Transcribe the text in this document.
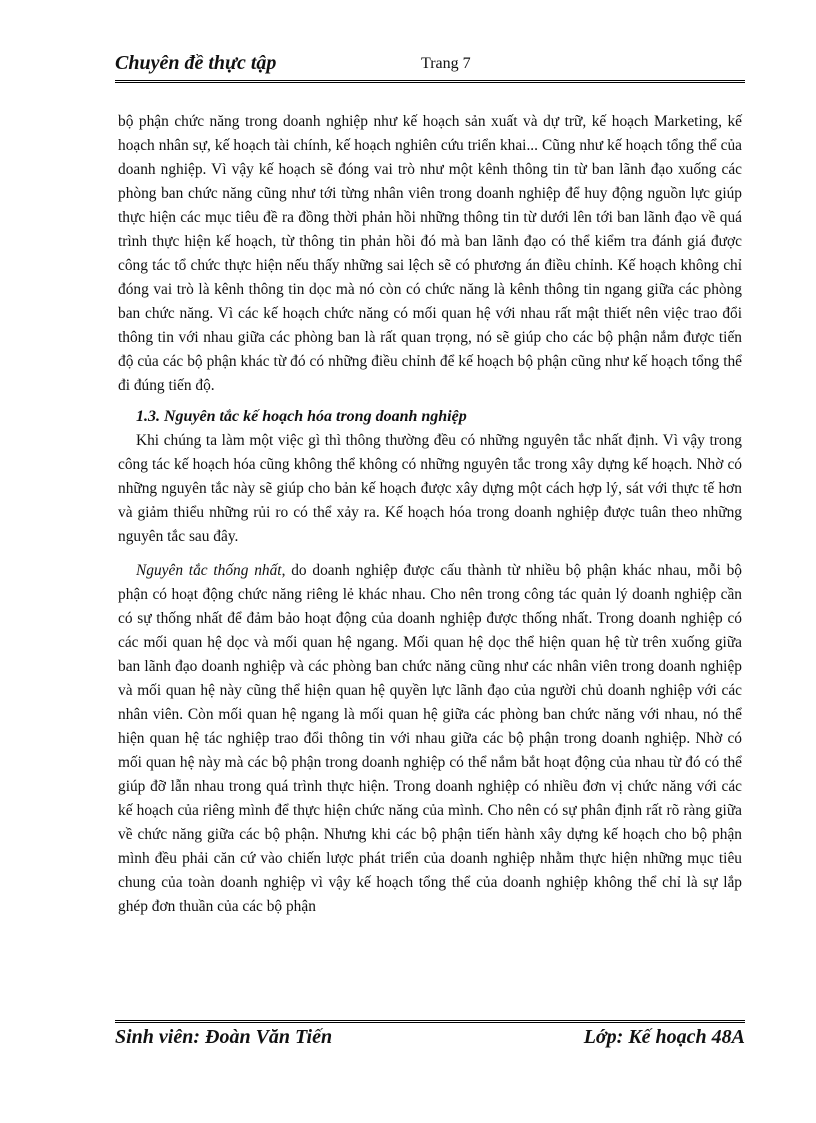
Chuyên đề thực tập	Trang 7

bộ phận chức năng trong doanh nghiệp như kế hoạch sản xuất và dự trữ, kế hoạch Marketing, kế hoạch nhân sự, kế hoạch tài chính, kế hoạch nghiên cứu triển khai... Cũng như kế hoạch tổng thể của doanh nghiệp. Vì vậy kế hoạch sẽ đóng vai trò như một kênh thông tin từ ban lãnh đạo xuống các phòng ban chức năng cũng như tới từng nhân viên trong doanh nghiệp để huy động nguồn lực giúp thực hiện các mục tiêu đề ra đồng thời phản hồi những thông tin từ dưới lên tới ban lãnh đạo về quá trình thực hiện kế hoạch, từ thông tin phản hồi đó mà ban lãnh đạo có thể kiểm tra đánh giá được công tác tổ chức thực hiện nếu thấy những sai lệch sẽ có phương án điều chỉnh. Kế hoạch không chỉ đóng vai trò là kênh thông tin dọc mà nó còn có chức năng là kênh thông tin ngang giữa các phòng ban chức năng. Vì các kế hoạch chức năng có mối quan hệ với nhau rất mật thiết nên việc trao đổi thông tin với nhau giữa các phòng ban là rất quan trọng, nó sẽ giúp cho các bộ phận nắm được tiến độ của các bộ phận khác từ đó có những điều chỉnh để kế hoạch bộ phận cũng như kế hoạch tổng thể đi đúng tiến độ.

1.3. Nguyên tắc kế hoạch hóa trong doanh nghiệp

Khi chúng ta làm một việc gì thì thông thường đều có những nguyên tắc nhất định. Vì vậy trong công tác kế hoạch hóa cũng không thể không có những nguyên tắc trong xây dựng kế hoạch. Nhờ có những nguyên tắc này sẽ giúp cho bản kế hoạch được xây dựng một cách hợp lý, sát với thực tế hơn và giảm thiểu những rủi ro có thể xảy ra. Kế hoạch hóa trong doanh nghiệp được tuân theo những nguyên tắc sau đây.

Nguyên tắc thống nhất, do doanh nghiệp được cấu thành từ nhiều bộ phận khác nhau, mỗi bộ phận có hoạt động chức năng riêng lẻ khác nhau. Cho nên trong công tác quản lý doanh nghiệp cần có sự thống nhất để đảm bảo hoạt động của doanh nghiệp được thống nhất. Trong doanh nghiệp có các mối quan hệ dọc và mối quan hệ ngang. Mối quan hệ dọc thể hiện quan hệ từ trên xuống giữa ban lãnh đạo doanh nghiệp và các phòng ban chức năng cũng như các nhân viên trong doanh nghiệp và mối quan hệ này cũng thể hiện quan hệ quyền lực lãnh đạo của người chủ doanh nghiệp với các nhân viên. Còn mối quan hệ ngang là mối quan hệ giữa các phòng ban chức năng với nhau, nó thể hiện quan hệ tác nghiệp trao đổi thông tin với nhau giữa các bộ phận trong doanh nghiệp. Nhờ có mối quan hệ này mà các bộ phận trong doanh nghiệp có thể nắm bắt hoạt động của nhau từ đó có thể giúp đỡ lẫn nhau trong quá trình thực hiện. Trong doanh nghiệp có nhiều đơn vị chức năng với các kế hoạch của riêng mình để thực hiện chức năng của mình. Cho nên có sự phân định rất rõ ràng giữa về chức năng giữa các bộ phận. Nhưng khi các bộ phận tiến hành xây dựng kế hoạch cho bộ phận mình đều phải căn cứ vào chiến lược phát triển của doanh nghiệp nhằm thực hiện những mục tiêu chung của toàn doanh nghiệp vì vậy kế hoạch tổng thể của doanh nghiệp không thể chỉ là sự lắp ghép đơn thuần của các bộ phận

Sinh viên: Đoàn Văn Tiến	Lớp: Kế hoạch 48A
